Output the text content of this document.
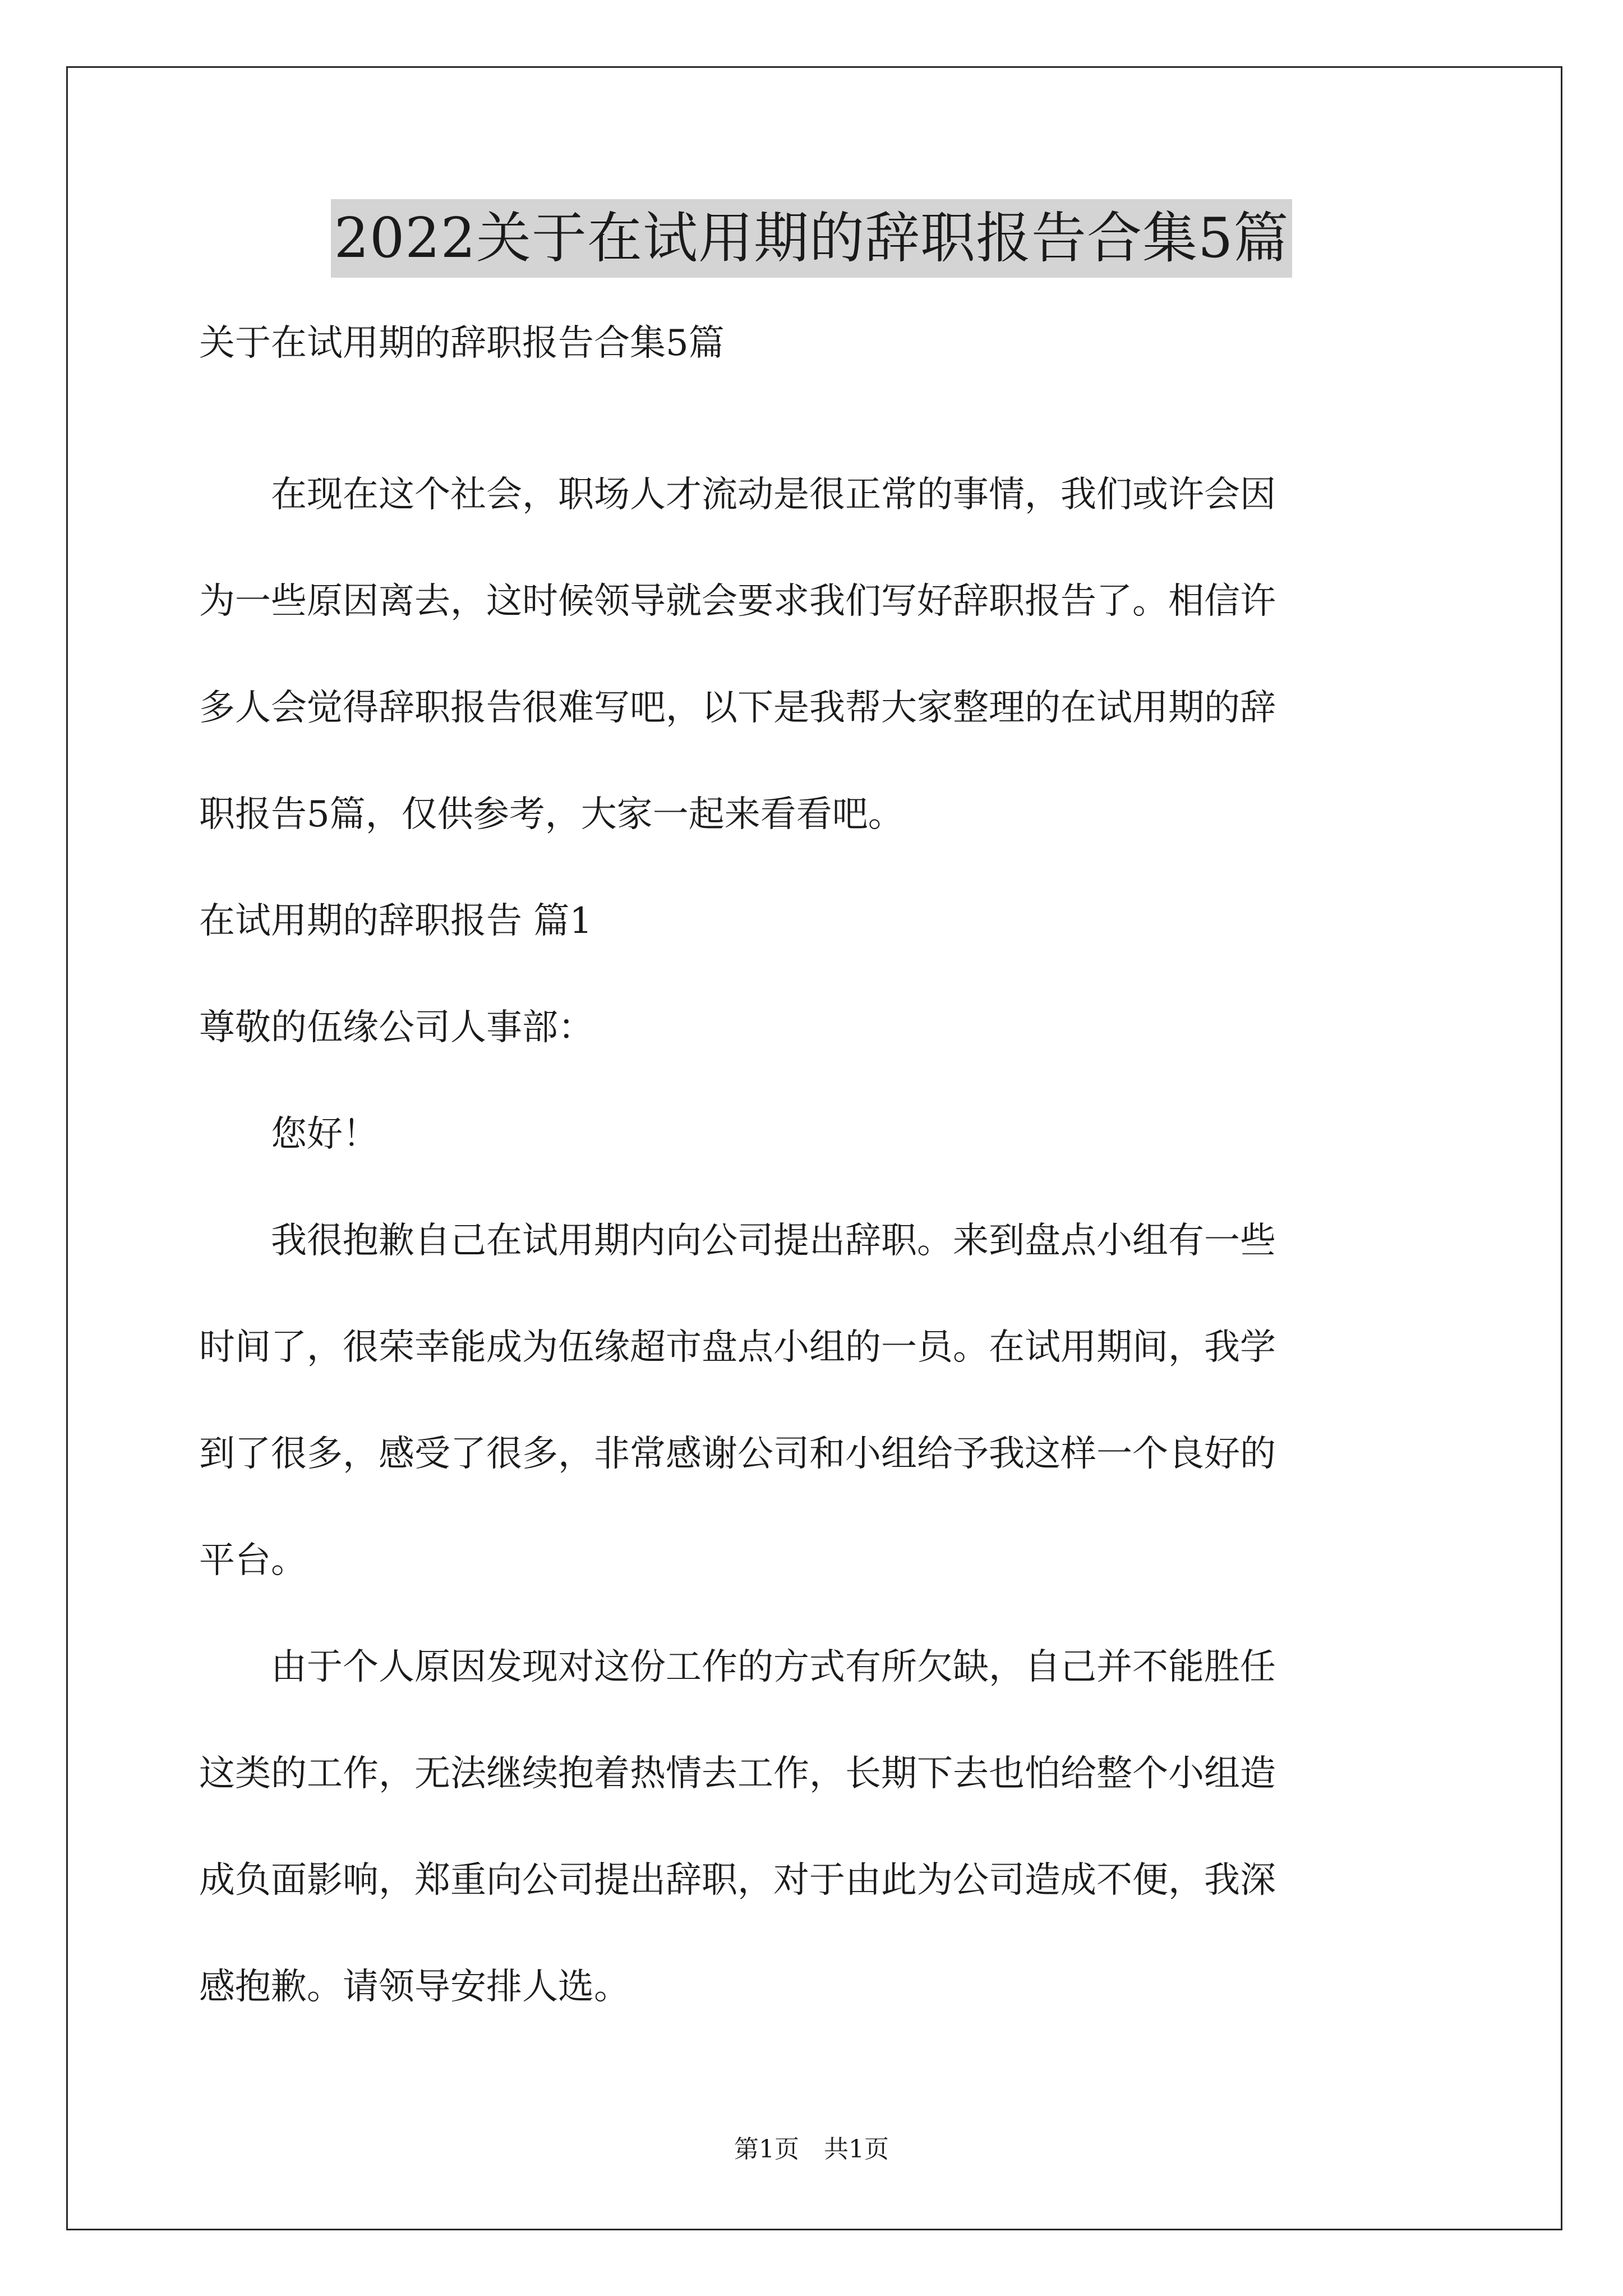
2022关于在试用期的辞职报告合集5篇
关于在试用期的辞职报告合集5篇
　　在现在这个社会，职场人才流动是很正常的事情，我们或许会因
为一些原因离去，这时候领导就会要求我们写好辞职报告了。相信许
多人会觉得辞职报告很难写吧，以下是我帮大家整理的在试用期的辞
职报告5篇，仅供参考，大家一起来看看吧。
在试用期的辞职报告 篇1
尊敬的伍缘公司人事部：
　　您好！
　　我很抱歉自己在试用期内向公司提出辞职。来到盘点小组有一些
时间了，很荣幸能成为伍缘超市盘点小组的一员。在试用期间，我学
到了很多，感受了很多，非常感谢公司和小组给予我这样一个良好的
平台。
　　由于个人原因发现对这份工作的方式有所欠缺，自己并不能胜任
这类的工作，无法继续抱着热情去工作，长期下去也怕给整个小组造
成负面影响，郑重向公司提出辞职，对于由此为公司造成不便，我深
感抱歉。请领导安排人选。
第1页　共1页
